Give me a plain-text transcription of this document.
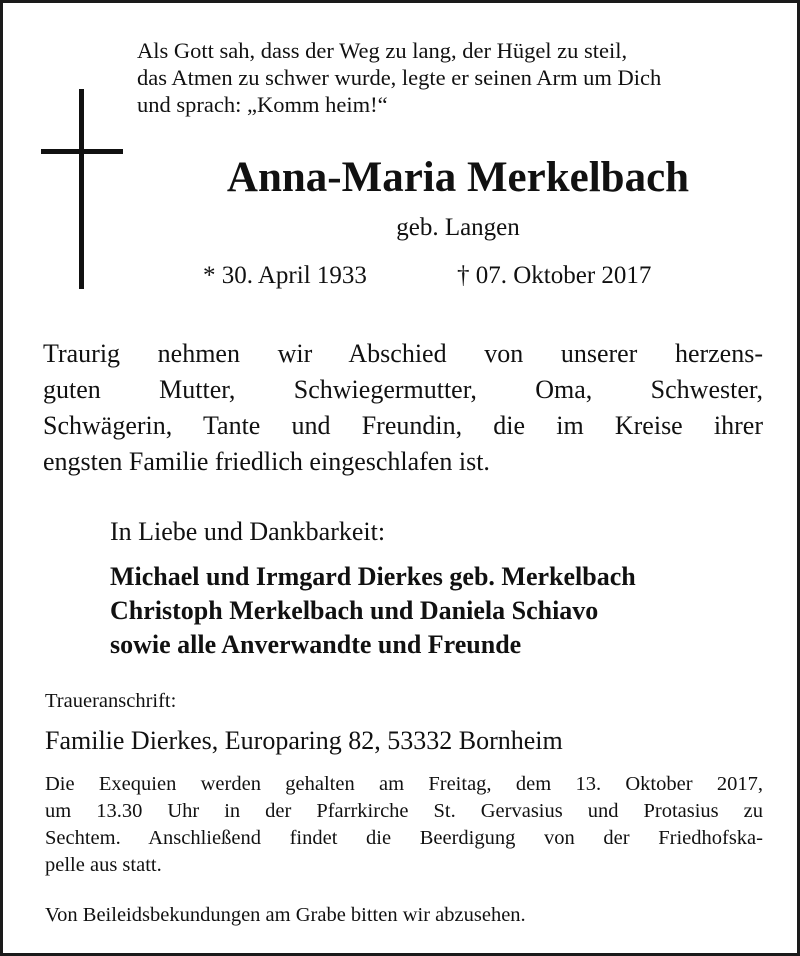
Als Gott sah, dass der Weg zu lang, der Hügel zu steil,
das Atmen zu schwer wurde, legte er seinen Arm um Dich
und sprach: „Komm heim!“
Anna-Maria Merkelbach
geb. Langen
* 30. April 1933	† 07. Oktober 2017
Traurig nehmen wir Abschied von unserer herzens-
guten Mutter, Schwiegermutter, Oma, Schwester,
Schwägerin, Tante und Freundin, die im Kreise ihrer
engsten Familie friedlich eingeschlafen ist.
In Liebe und Dankbarkeit:
Michael und Irmgard Dierkes geb. Merkelbach
Christoph Merkelbach und Daniela Schiavo
sowie alle Anverwandte und Freunde
Traueranschrift:
Familie Dierkes, Europaring 82, 53332 Bornheim
Die Exequien werden gehalten am Freitag, dem 13. Oktober 2017,
um 13.30 Uhr in der Pfarrkirche St. Gervasius und Protasius zu
Sechtem. Anschließend findet die Beerdigung von der Friedhofska-
pelle aus statt.
Von Beileidsbekundungen am Grabe bitten wir abzusehen.
